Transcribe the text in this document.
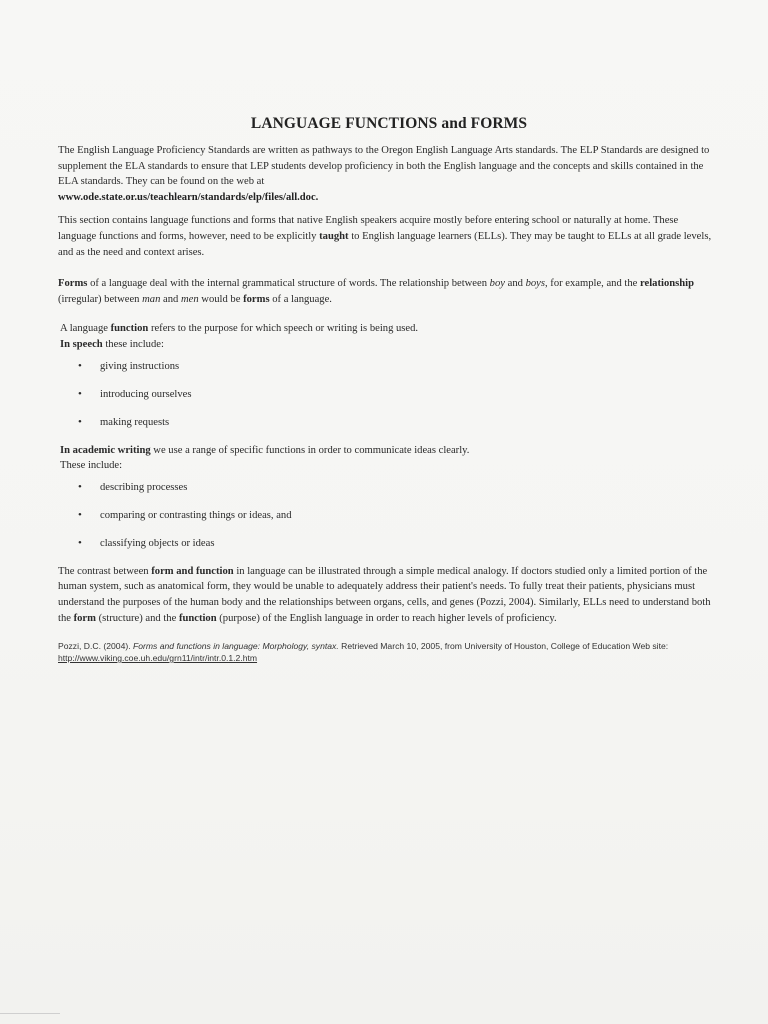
LANGUAGE FUNCTIONS and FORMS

The English Language Proficiency Standards are written as pathways to the Oregon English Language Arts standards. The ELP Standards are designed to supplement the ELA standards to ensure that LEP students develop proficiency in both the English language and the concepts and skills contained in the ELA standards. They can be found on the web at
www.ode.state.or.us/teachlearn/standards/elp/files/all.doc.

This section contains language functions and forms that native English speakers acquire mostly before entering school or naturally at home. These language functions and forms, however, need to be explicitly taught to English language learners (ELLs). They may be taught to ELLs at all grade levels, and as the need and context arises.

Forms of a language deal with the internal grammatical structure of words. The relationship between boy and boys, for example, and the relationship (irregular) between man and men would be forms of a language.

A language function refers to the purpose for which speech or writing is being used.
In speech these include:

• giving instructions
• introducing ourselves
• making requests

In academic writing we use a range of specific functions in order to communicate ideas clearly.
These include:

• describing processes
• comparing or contrasting things or ideas, and
• classifying objects or ideas

The contrast between form and function in language can be illustrated through a simple medical analogy. If doctors studied only a limited portion of the human system, such as anatomical form, they would be unable to adequately address their patient's needs. To fully treat their patients, physicians must understand the purposes of the human body and the relationships between organs, cells, and genes (Pozzi, 2004). Similarly, ELLs need to understand both the form (structure) and the function (purpose) of the English language in order to reach higher levels of proficiency.

Pozzi, D.C. (2004). Forms and functions in language: Morphology, syntax. Retrieved March 10, 2005, from University of Houston, College of Education Web site: http://www.viking.coe.uh.edu/grn11/intr/intr.0.1.2.htm
